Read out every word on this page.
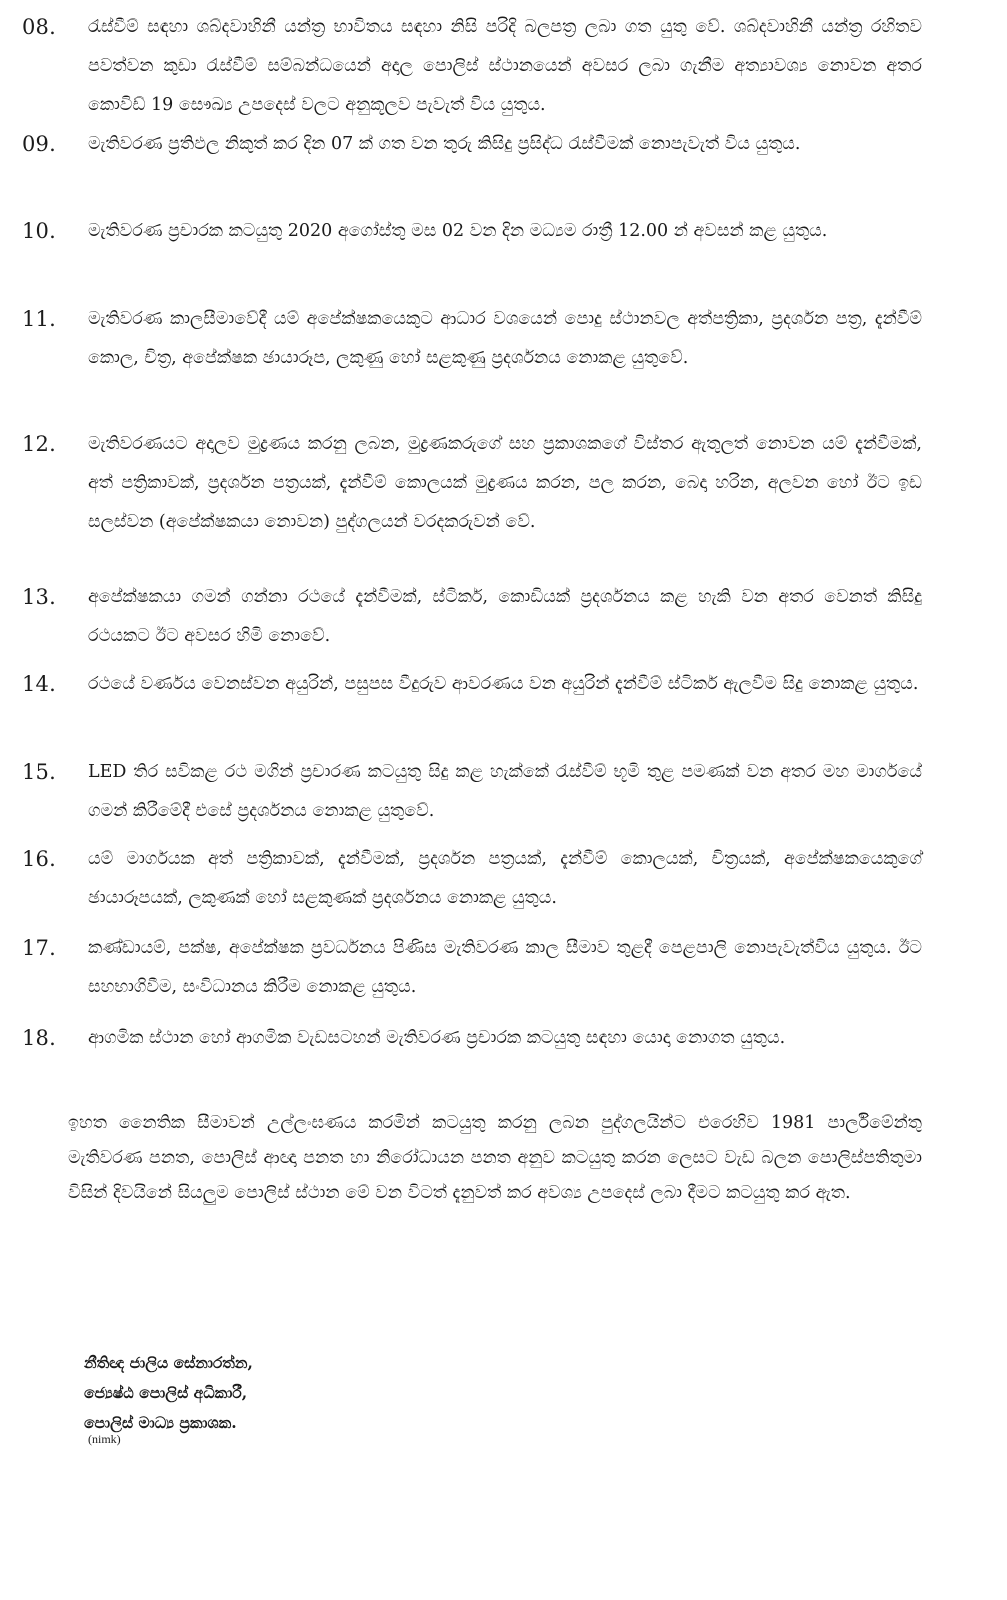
08.	රැස්වීම් සඳහා ශබ්දවාහිනී යන්ත්‍ර භාවිතය සඳහා නිසි පරිදි බලපත්‍ර ලබා ගත යුතු වේ. ශබ්දවාහිනී යන්ත්‍ර රහිතව පවත්වන කුඩා රැස්වීම් සම්බන්ධයෙන් අදාල පොලිස් ස්ථානයෙන් අවසර ලබා ගැනීම අත්‍යාවශ්‍ය නොවන අතර කොවිඩ් 19 සෞඛ්‍ය උපදෙස් වලට අනුකූලව පැවැත් විය යුතුය.
09.	මැතිවරණ ප්‍රතිඵල නිකුත් කර දින 07 ක් ගත වන තුරු කිසිදු ප්‍රසිද්ධ රැස්වීමක් නොපැවැත් විය යුතුය.
10.	මැතිවරණ ප්‍රචාරක කටයුතු 2020 අගෝස්තු මස 02 වන දින මධ්‍යම රාත්‍රී 12.00 න් අවසන් කළ යුතුය.
11.	මැතිවරණ කාලසීමාවේදී යම් අපේක්ෂකයෙකුට ආධාර වශයෙන් පොදු ස්ථානවල අත්පත්‍රිකා, ප්‍රදර්ශන පත්‍ර, දැන්වීම් කොල, චිත්‍ර, අපේක්ෂක ඡායාරූප, ලකුණු හෝ සළකුණු ප්‍රදර්ශනය නොකළ යුතුවේ.
12.	මැතිවරණයට අදාලව මුද්‍රණය කරනු ලබන, මුද්‍රණකරුගේ සහ ප්‍රකාශකගේ විස්තර ඇතුලත් නොවන යම් දැන්වීමක්, අත් පත්‍රිකාවක්, ප්‍රදර්ශන පත්‍රයක්, දැන්වීම් කොලයක් මුද්‍රණය කරන, පල කරන, බෙදා හරින, අලවන හෝ ඊට ඉඩ සලස්වන (අපේක්ෂකයා නොවන) පුද්ගලයන් වරදකරුවන් වේ.
13.	අපේක්ෂකයා ගමන් ගන්නා රථයේ දැන්වීමක්, ස්ටිකර්, කොඩියක් ප්‍රදර්ශනය කළ හැකි වන අතර වෙනත් කිසිදු රථයකට ඊට අවසර හිමි නොවේ.
14.	රථයේ වර්ණය වෙනස්වන අයුරින්, පසුපස වීදුරුව ආවරණය වන අයුරින් දැන්වීම් ස්ටිකර් ඇලවීම සිදු නොකළ යුතුය.
15.	LED තිර සවිකළ රථ මගින් ප්‍රචාරණ කටයුතු සිදු කළ හැක්කේ රැස්වීම් භූමි තුළ පමණක් වන අතර මහ මාර්ගයේ ගමන් කිරීමේදී එසේ ප්‍රදර්ශනය නොකළ යුතුවේ.
16.	යම් මාර්ගයක අත් පත්‍රිකාවක්, දැන්වීමක්, ප්‍රදර්ශන පත්‍රයක්, දැන්වීම් කොලයක්, චිත්‍රයක්, අපේක්ෂකයෙකුගේ ඡායාරූපයක්, ලකුණක් හෝ සළකුණක් ප්‍රදර්ශනය නොකළ යුතුය.
17.	කණ්ඩායම්, පක්ෂ, අපේක්ෂක ප්‍රවර්ධනය පිණිස මැතිවරණ කාල සීමාව තුළදී පෙළපාලි නොපැවැත්විය යුතුය. ඊට සහභාගිවීම, සංවිධානය කිරීම නොකළ යුතුය.
18.	ආගමික ස්ථාන හෝ ආගමික වැඩසටහන් මැතිවරණ ප්‍රචාරක කටයුතු සඳහා යොදා නොගත යුතුය.
ඉහත නෛතික සීමාවන් උල්ලංඝණය කරමින් කටයුතු කරනු ලබන පුද්ගලයින්ට එරෙහිව 1981 පාර්ලිමේන්තු මැතිවරණ පනත, පොලිස් ආඥා පනත හා නිරෝධායන පනත අනුව කටයුතු කරන ලෙසට වැඩ බලන පොලිස්පතිතුමා විසින් දිවයිනේ සියලුම පොලිස් ස්ථාන මේ වන විටත් දැනුවත් කර අවශ්‍ය උපදෙස් ලබා දීමට කටයුතු කර ඇත.
නීතිඥ ජාලිය සේනාරත්න,
ජ්‍යෙෂ්ඨ පොලිස් අධිකාරී,
පොලිස් මාධ්‍ය ප්‍රකාශක.
(nimk)
